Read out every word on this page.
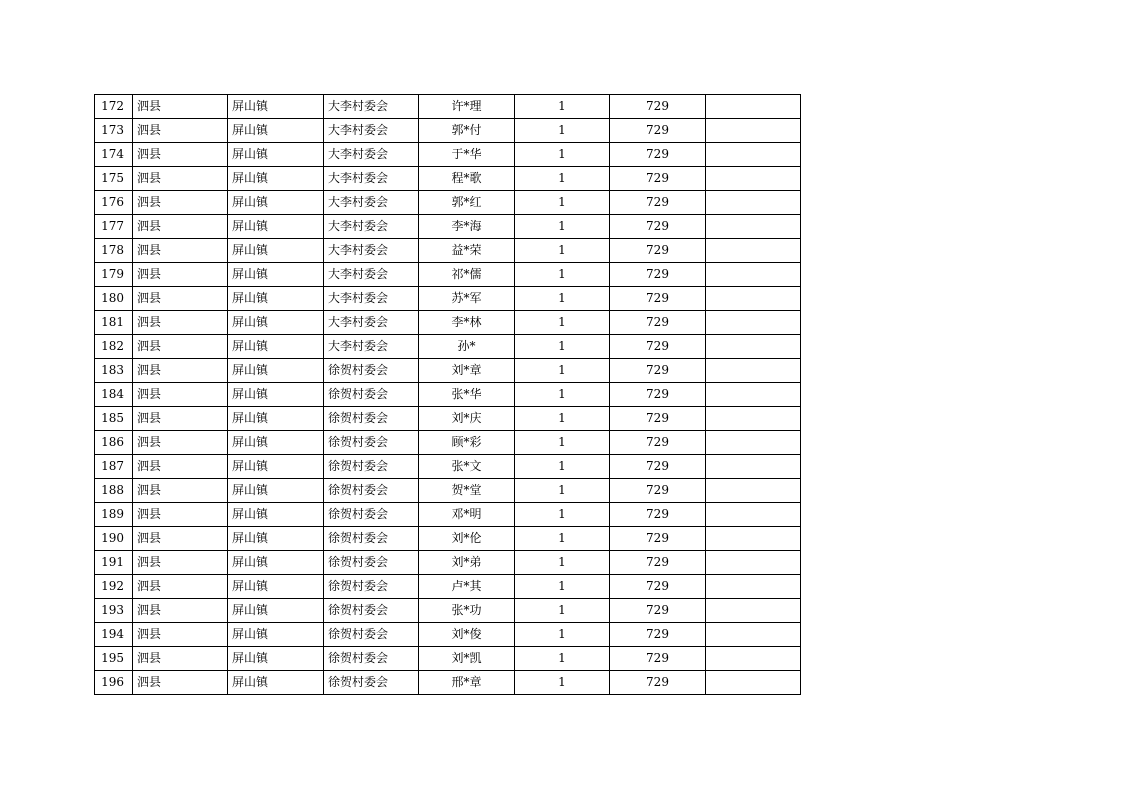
172	泗县	屏山镇	大李村委会	许*理	1	729	
173	泗县	屏山镇	大李村委会	郭*付	1	729	
174	泗县	屏山镇	大李村委会	于*华	1	729	
175	泗县	屏山镇	大李村委会	程*歌	1	729	
176	泗县	屏山镇	大李村委会	郭*红	1	729	
177	泗县	屏山镇	大李村委会	李*海	1	729	
178	泗县	屏山镇	大李村委会	益*荣	1	729	
179	泗县	屏山镇	大李村委会	祁*儒	1	729	
180	泗县	屏山镇	大李村委会	苏*军	1	729	
181	泗县	屏山镇	大李村委会	李*林	1	729	
182	泗县	屏山镇	大李村委会	孙*	1	729	
183	泗县	屏山镇	徐贺村委会	刘*章	1	729	
184	泗县	屏山镇	徐贺村委会	张*华	1	729	
185	泗县	屏山镇	徐贺村委会	刘*庆	1	729	
186	泗县	屏山镇	徐贺村委会	顾*彩	1	729	
187	泗县	屏山镇	徐贺村委会	张*文	1	729	
188	泗县	屏山镇	徐贺村委会	贺*堂	1	729	
189	泗县	屏山镇	徐贺村委会	邓*明	1	729	
190	泗县	屏山镇	徐贺村委会	刘*伦	1	729	
191	泗县	屏山镇	徐贺村委会	刘*弟	1	729	
192	泗县	屏山镇	徐贺村委会	卢*其	1	729	
193	泗县	屏山镇	徐贺村委会	张*功	1	729	
194	泗县	屏山镇	徐贺村委会	刘*俊	1	729	
195	泗县	屏山镇	徐贺村委会	刘*凯	1	729	
196	泗县	屏山镇	徐贺村委会	邢*章	1	729	
